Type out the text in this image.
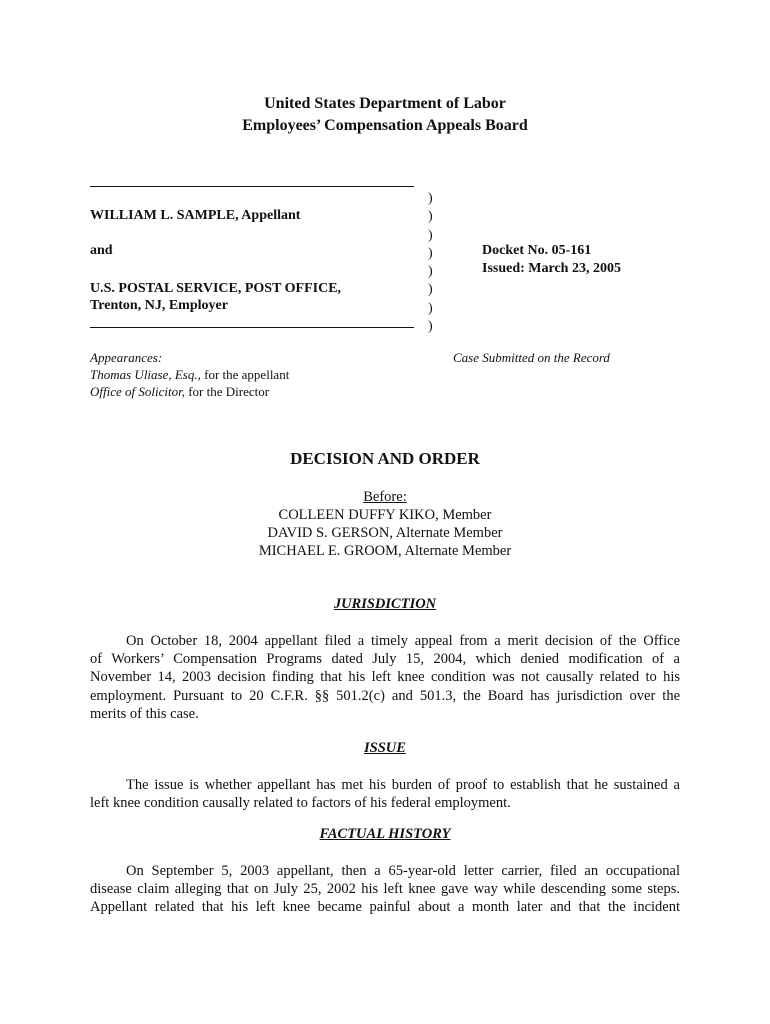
United States Department of Labor
Employees’ Compensation Appeals Board
WILLIAM L. SAMPLE, Appellant
and
U.S. POSTAL SERVICE, POST OFFICE,
Trenton, NJ, Employer
)
)
)
)
)
)
)
)
Docket No. 05-161
Issued: March 23, 2005
Appearances:
Thomas Uliase, Esq., for the appellant
Office of Solicitor, for the Director
Case Submitted on the Record
DECISION AND ORDER
Before:
COLLEEN DUFFY KIKO, Member
DAVID S. GERSON, Alternate Member
MICHAEL E. GROOM, Alternate Member
JURISDICTION
On October 18, 2004 appellant filed a timely appeal from a merit decision of the Office
of Workers’ Compensation Programs dated July 15, 2004, which denied modification of a
November 14, 2003 decision finding that his left knee condition was not causally related to his
employment. Pursuant to 20 C.F.R. §§ 501.2(c) and 501.3, the Board has jurisdiction over the
merits of this case.
ISSUE
The issue is whether appellant has met his burden of proof to establish that he sustained a
left knee condition causally related to factors of his federal employment.
FACTUAL HISTORY
On September 5, 2003 appellant, then a 65-year-old letter carrier, filed an occupational
disease claim alleging that on July 25, 2002 his left knee gave way while descending some steps.
Appellant related that his left knee became painful about a month later and that the incident
